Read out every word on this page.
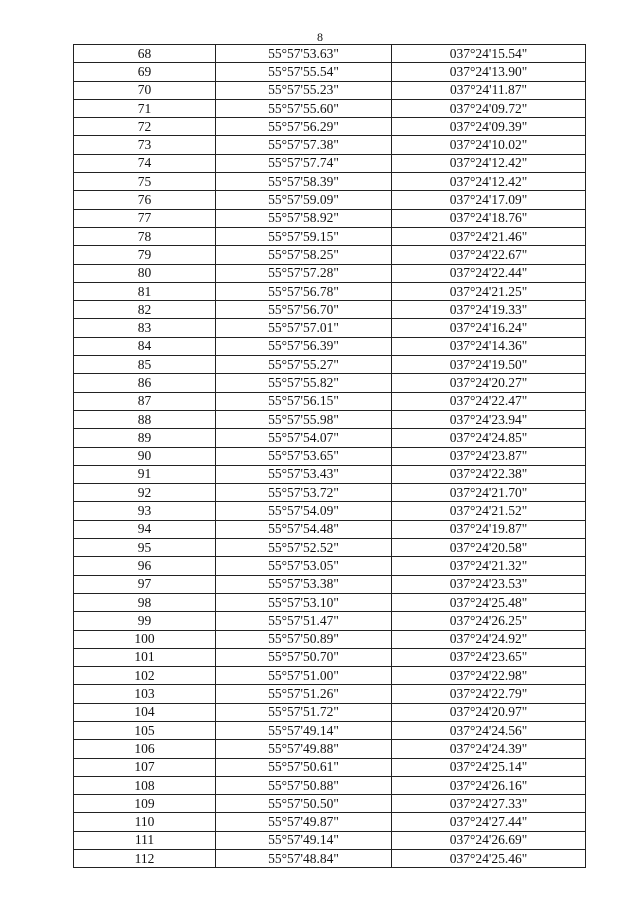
8
68	55°57'53.63"	037°24'15.54"
69	55°57'55.54"	037°24'13.90"
70	55°57'55.23"	037°24'11.87"
71	55°57'55.60"	037°24'09.72"
72	55°57'56.29"	037°24'09.39"
73	55°57'57.38"	037°24'10.02"
74	55°57'57.74"	037°24'12.42"
75	55°57'58.39"	037°24'12.42"
76	55°57'59.09"	037°24'17.09"
77	55°57'58.92"	037°24'18.76"
78	55°57'59.15"	037°24'21.46"
79	55°57'58.25"	037°24'22.67"
80	55°57'57.28"	037°24'22.44"
81	55°57'56.78"	037°24'21.25"
82	55°57'56.70"	037°24'19.33"
83	55°57'57.01"	037°24'16.24"
84	55°57'56.39"	037°24'14.36"
85	55°57'55.27"	037°24'19.50"
86	55°57'55.82"	037°24'20.27"
87	55°57'56.15"	037°24'22.47"
88	55°57'55.98"	037°24'23.94"
89	55°57'54.07"	037°24'24.85"
90	55°57'53.65"	037°24'23.87"
91	55°57'53.43"	037°24'22.38"
92	55°57'53.72"	037°24'21.70"
93	55°57'54.09"	037°24'21.52"
94	55°57'54.48"	037°24'19.87"
95	55°57'52.52"	037°24'20.58"
96	55°57'53.05"	037°24'21.32"
97	55°57'53.38"	037°24'23.53"
98	55°57'53.10"	037°24'25.48"
99	55°57'51.47"	037°24'26.25"
100	55°57'50.89"	037°24'24.92"
101	55°57'50.70"	037°24'23.65"
102	55°57'51.00"	037°24'22.98"
103	55°57'51.26"	037°24'22.79"
104	55°57'51.72"	037°24'20.97"
105	55°57'49.14"	037°24'24.56"
106	55°57'49.88"	037°24'24.39"
107	55°57'50.61"	037°24'25.14"
108	55°57'50.88"	037°24'26.16"
109	55°57'50.50"	037°24'27.33"
110	55°57'49.87"	037°24'27.44"
111	55°57'49.14"	037°24'26.69"
112	55°57'48.84"	037°24'25.46"
